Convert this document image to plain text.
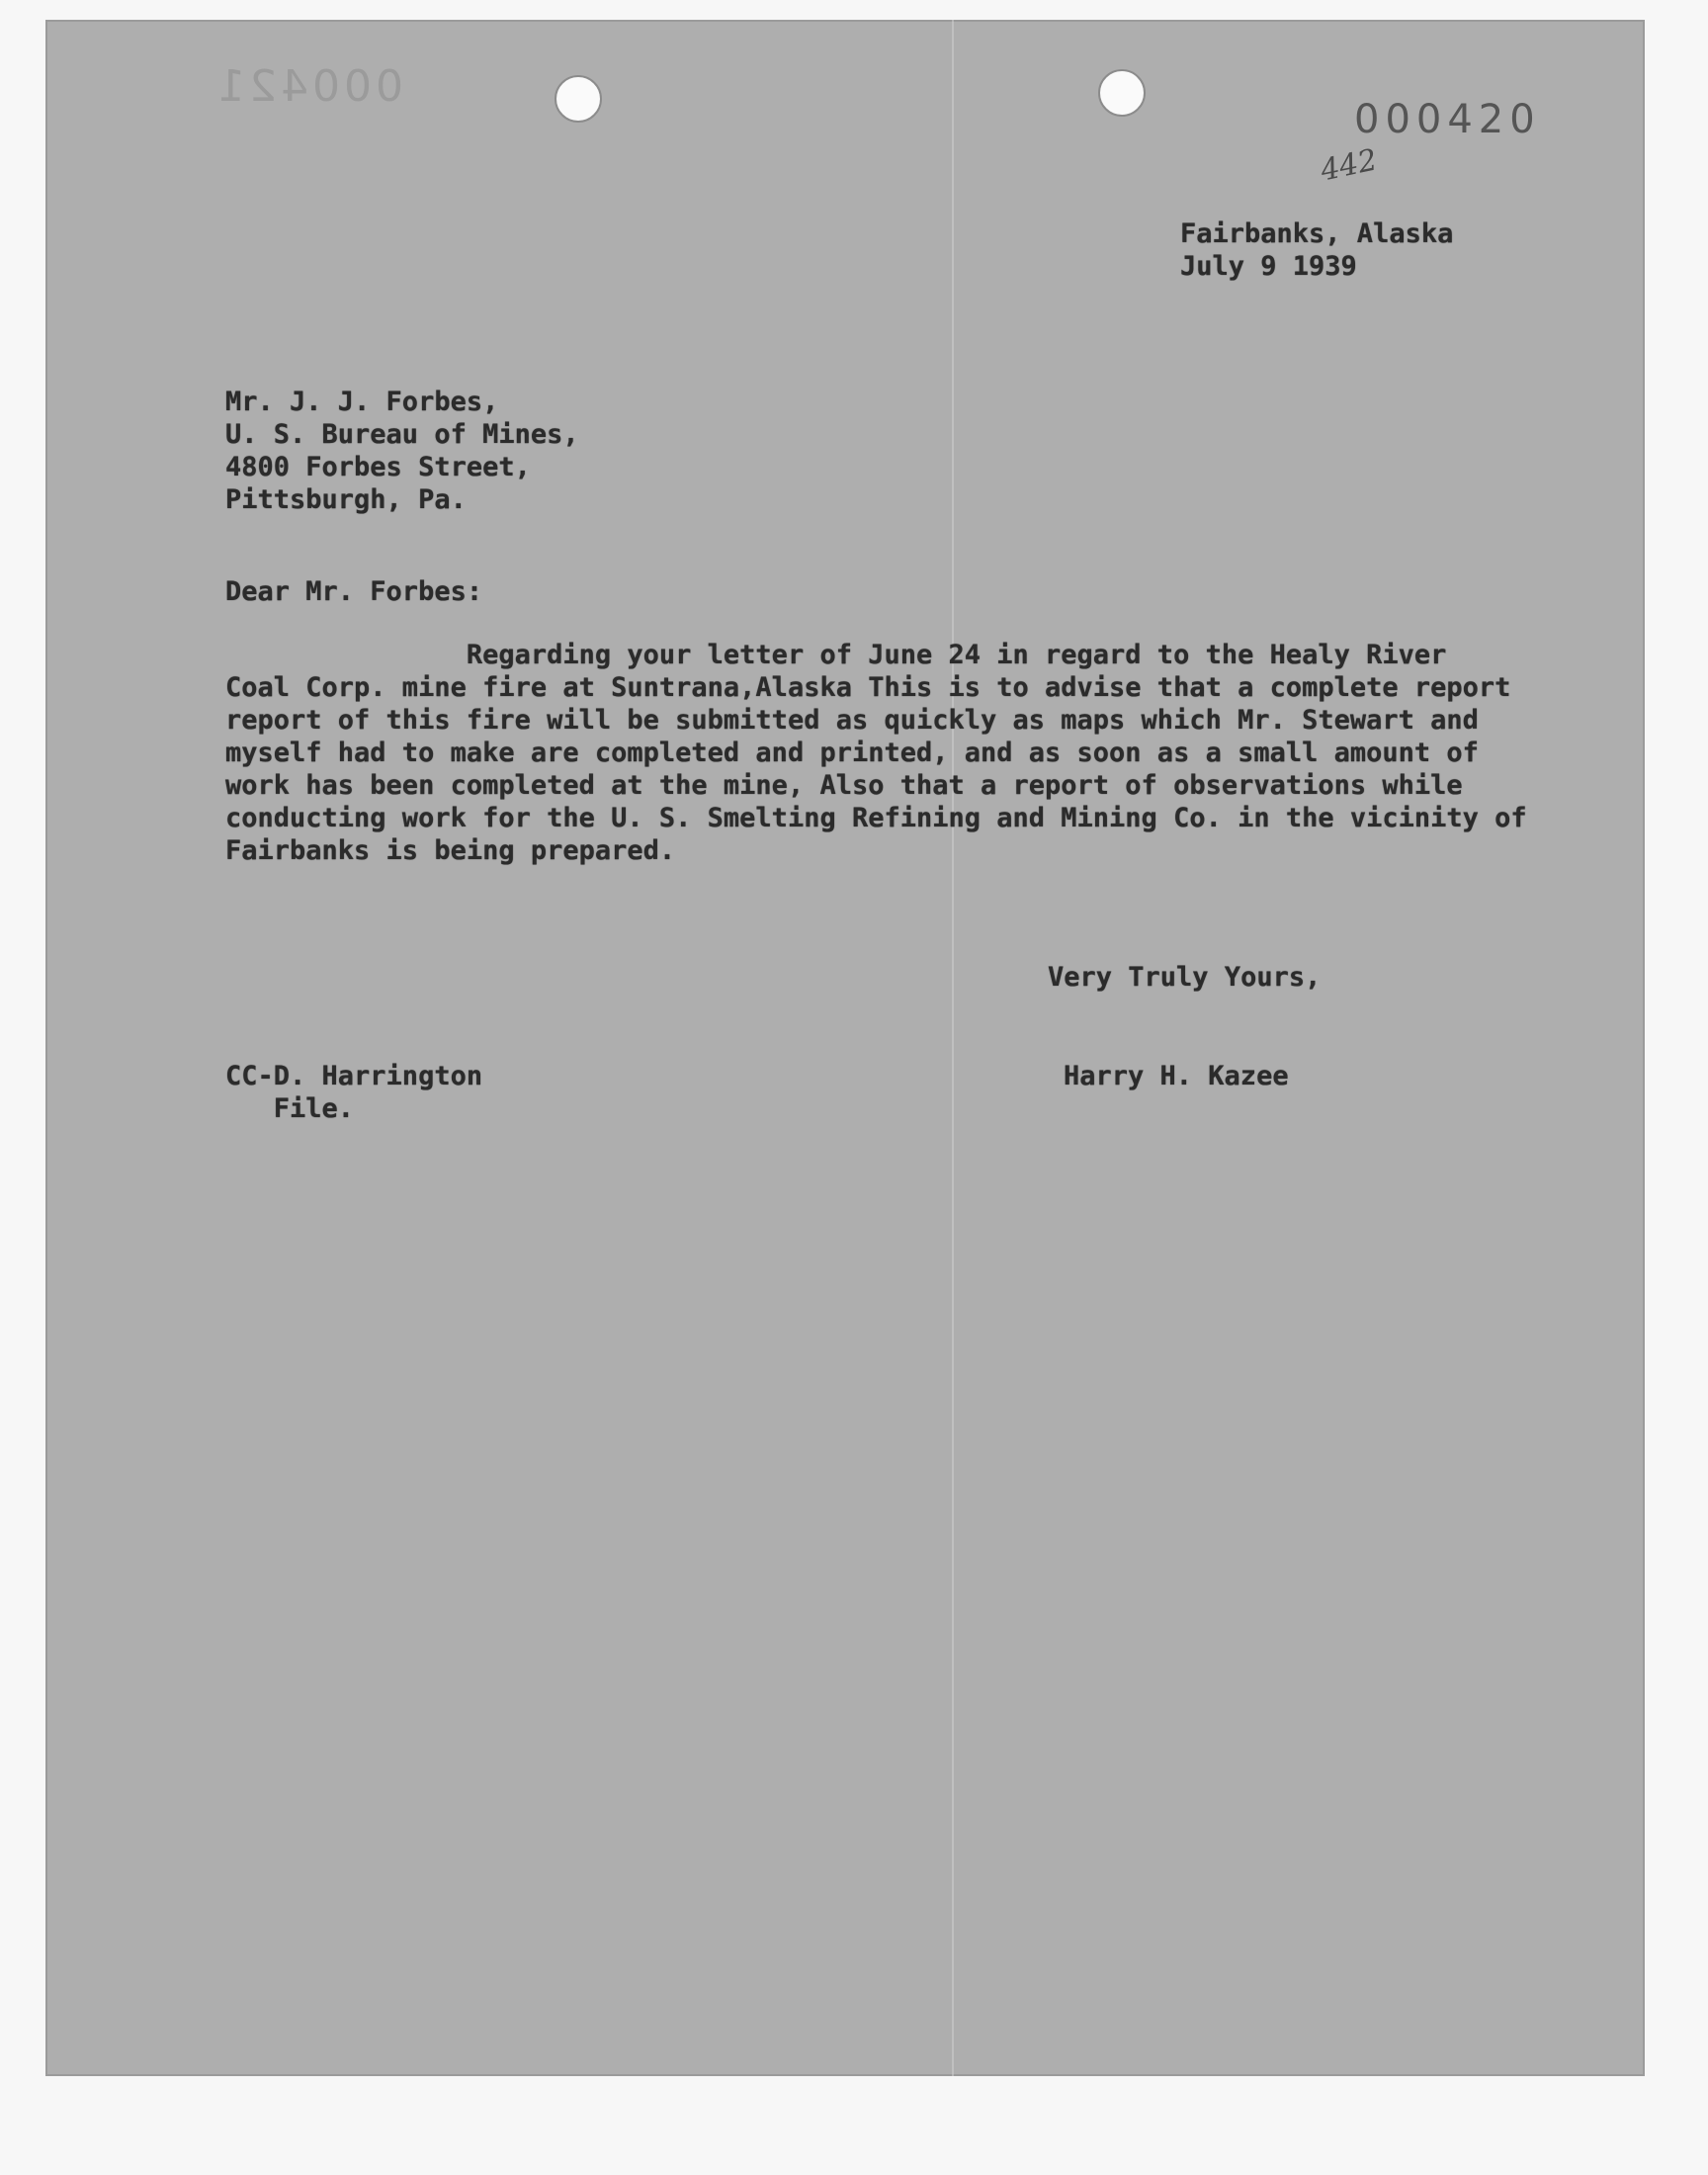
000421
000420
442
Fairbanks, Alaska
July 9 1939
Mr. J. J. Forbes,
U. S. Bureau of Mines,
4800 Forbes Street,
Pittsburgh, Pa.
Dear Mr. Forbes:
Regarding your letter of June 24 in regard to the Healy River
Coal Corp. mine fire at Suntrana,Alaska This is to advise that a complete report
report of this fire will be submitted as quickly as maps which Mr. Stewart and
myself had to make are completed and printed, and as soon as a small amount of
work has been completed at the mine, Also that a report of observations while
conducting work for the U. S. Smelting Refining and Mining Co. in the vicinity of
Fairbanks is being prepared.
Very Truly Yours,
CC-D. Harrington
File.
Harry H. Kazee
